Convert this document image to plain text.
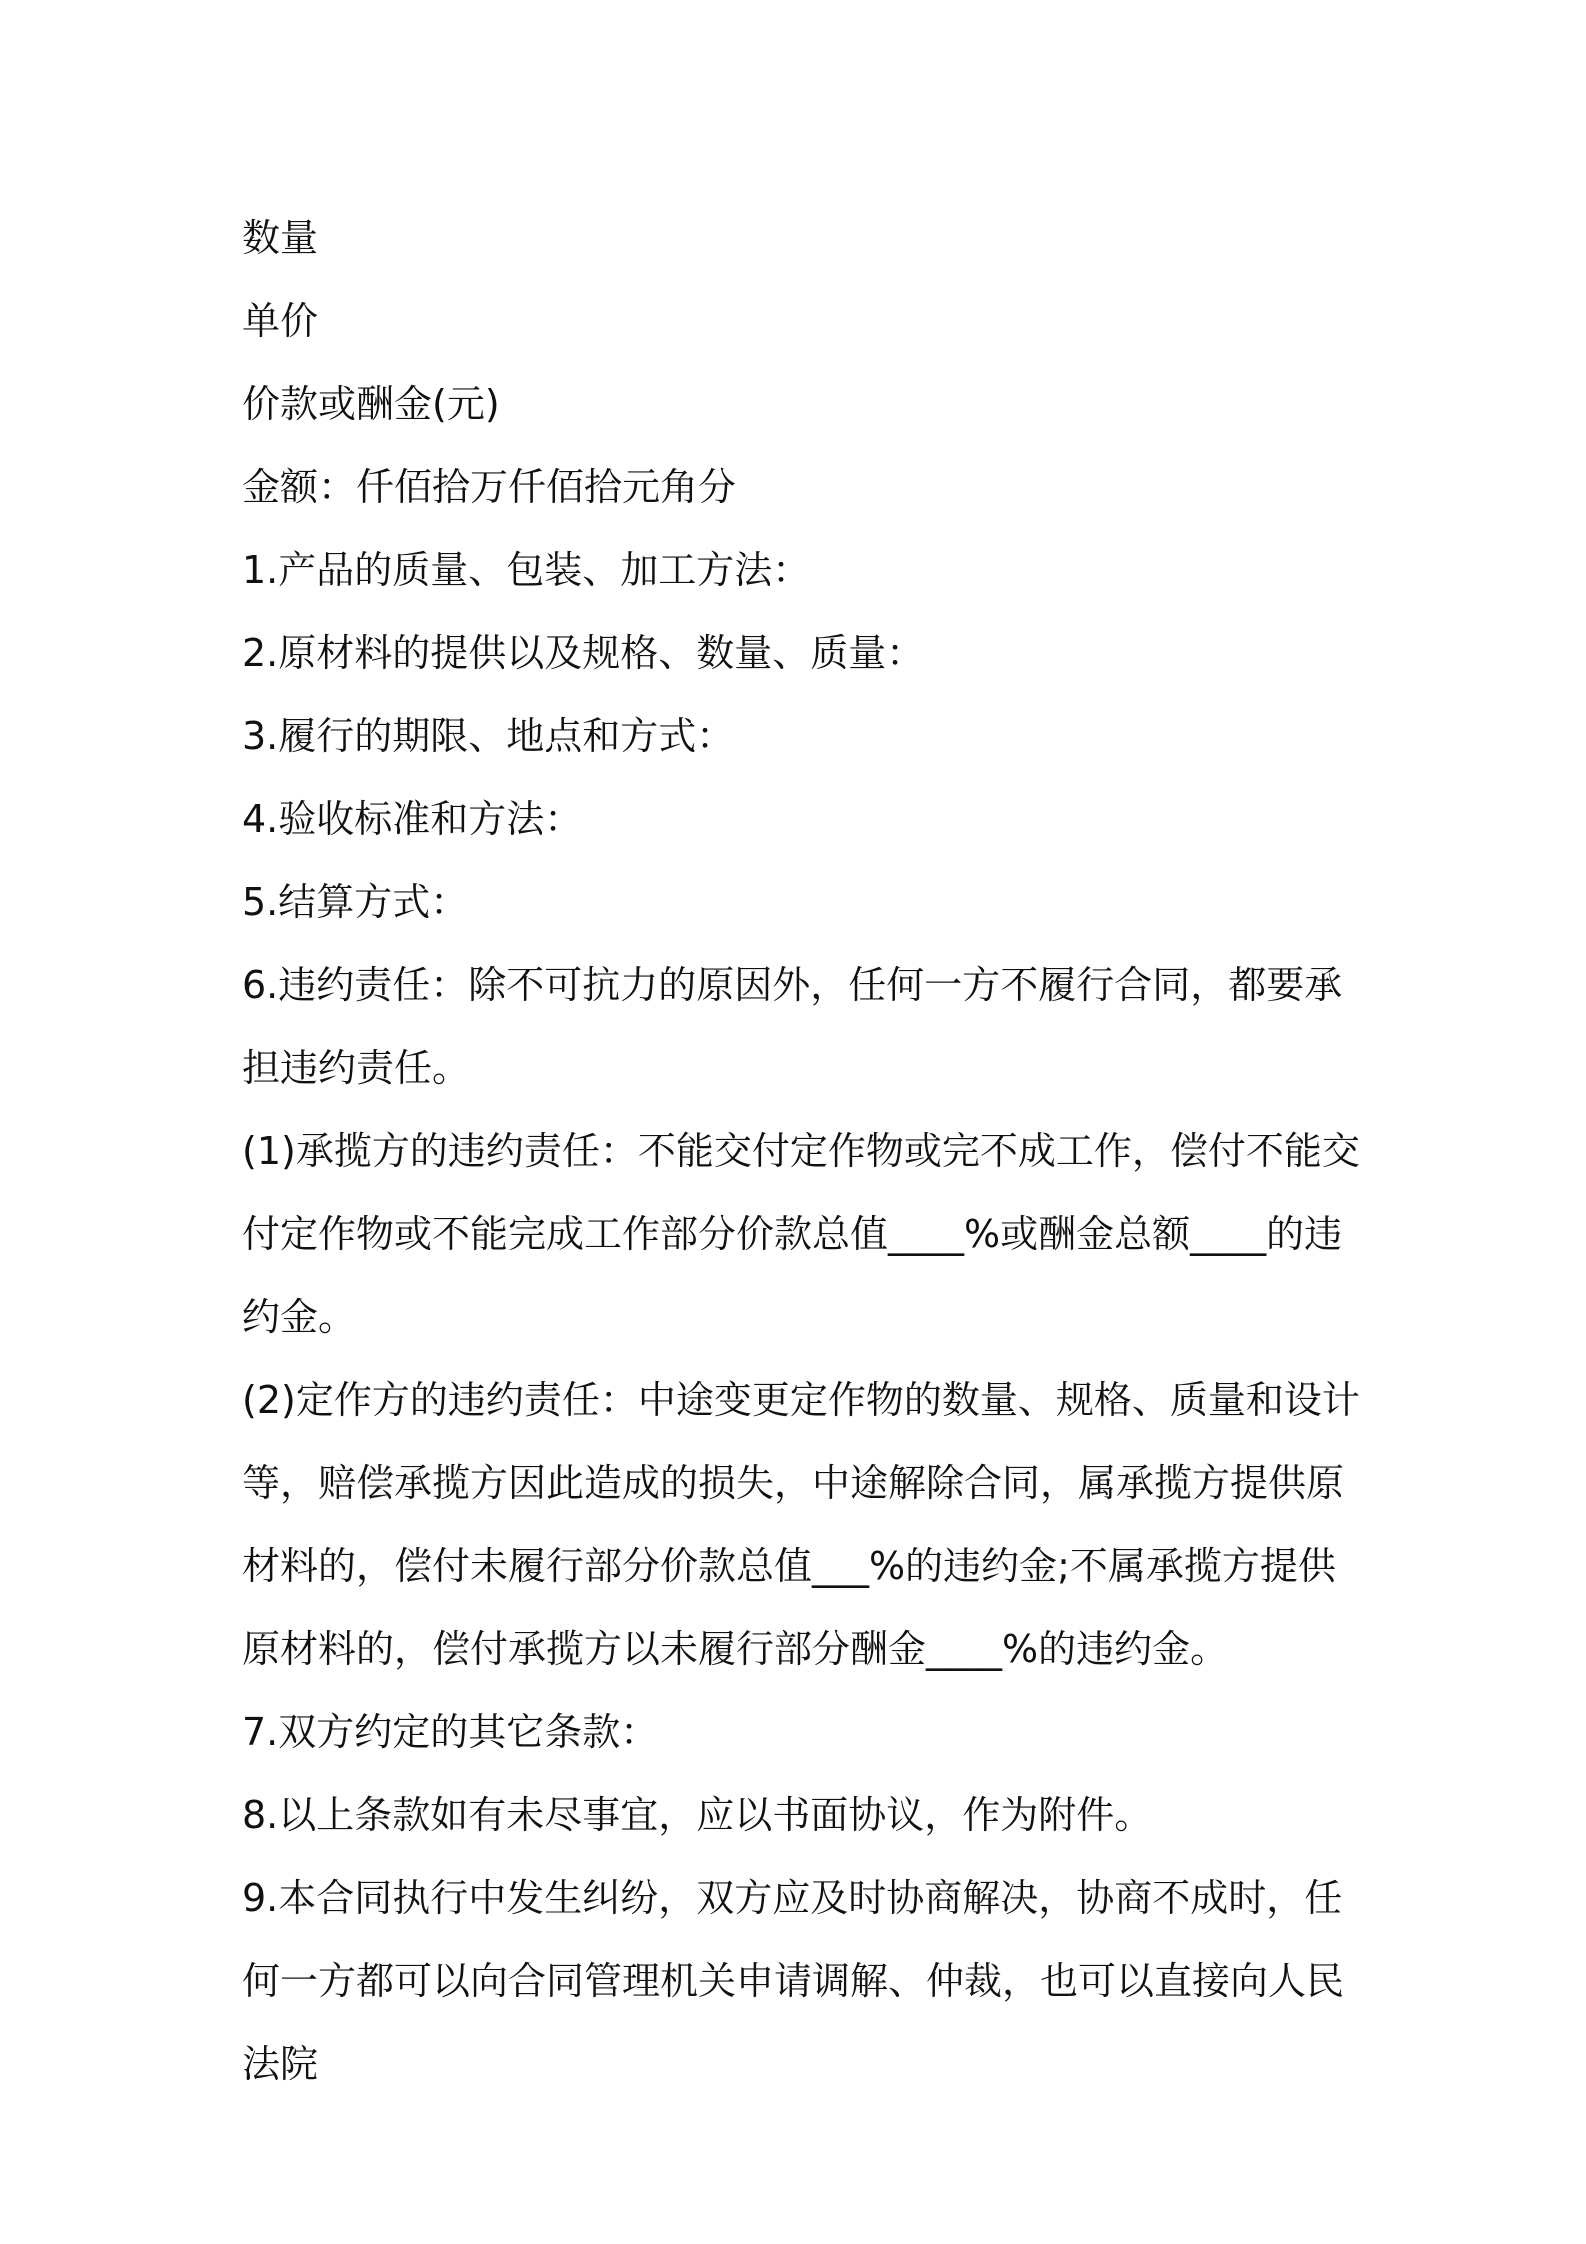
数量

单价

价款或酬金(元)

金额：仟佰拾万仟佰拾元角分

1.产品的质量、包装、加工方法：

2.原材料的提供以及规格、数量、质量：

3.履行的期限、地点和方式：

4.验收标准和方法：

5.结算方式：

6.违约责任：除不可抗力的原因外，任何一方不履行合同，都要承担违约责任。

(1)承揽方的违约责任：不能交付定作物或完不成工作，偿付不能交付定作物或不能完成工作部分价款总值____%或酬金总额____的违约金。

(2)定作方的违约责任：中途变更定作物的数量、规格、质量和设计等，赔偿承揽方因此造成的损失，中途解除合同，属承揽方提供原材料的，偿付未履行部分价款总值___%的违约金;不属承揽方提供原材料的，偿付承揽方以未履行部分酬金____%的违约金。

7.双方约定的其它条款：

8.以上条款如有未尽事宜，应以书面协议，作为附件。

9.本合同执行中发生纠纷，双方应及时协商解决，协商不成时，任何一方都可以向合同管理机关申请调解、仲裁，也可以直接向人民法院
